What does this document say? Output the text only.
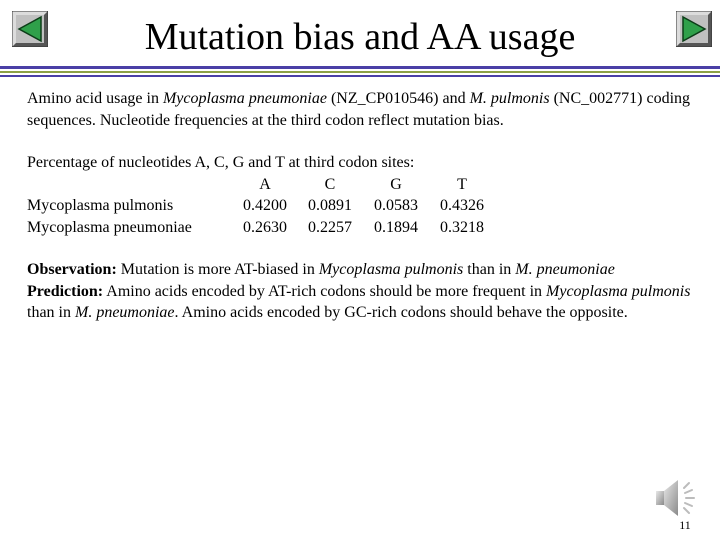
Mutation bias and AA usage

Amino acid usage in Mycoplasma pneumoniae (NZ_CP010546) and M. pulmonis (NC_002771) coding sequences. Nucleotide frequencies at the third codon reflect mutation bias.

Percentage of nucleotides A, C, G and T at third codon sites:

	A	C	G	T
Mycoplasma pulmonis	0.4200	0.0891	0.0583	0.4326
Mycoplasma pneumoniae	0.2630	0.2257	0.1894	0.3218

Observation: Mutation is more AT-biased in Mycoplasma pulmonis than in M. pneumoniae

Prediction: Amino acids encoded by AT-rich codons should be more frequent in Mycoplasma pulmonis than in M. pneumoniae. Amino acids encoded by GC-rich codons should behave the opposite.

11
